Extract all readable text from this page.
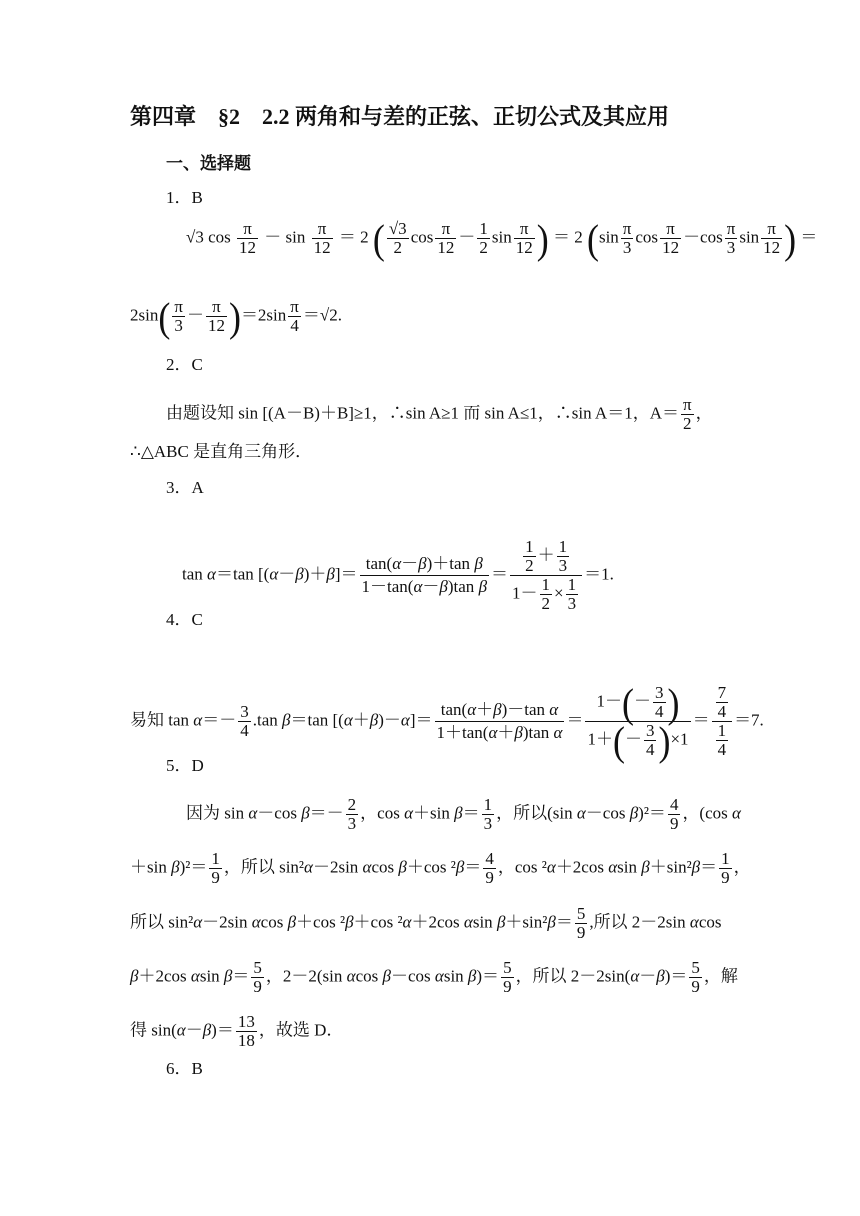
第四章　§2　2.2 两角和与差的正弦、正切公式及其应用
一、选择题
1．B
√3 $\cos \frac{\pi}{12} - \sin \frac{\pi}{12} = 2$ ( $\frac{√3}{2}$ $\cos \frac{\pi}{12} - \frac{1}{2}$ $\sin \frac{\pi}{12}$ ) ＝ 2 ($\sin \frac{\pi}{3}$ $\cos \frac{\pi}{12} -\cos \frac{\pi}{3}$ $\sin \frac{\pi}{12}$ ) ＝
$2\sin( \frac{\pi}{3} - \frac{\pi}{12} )=2\sin \frac{\pi}{4} =√2$.
2．C
由题设知 sin [(A－B)＋B]≥1，∴sin A≥1 而 sin A≤1，∴sin A＝1，$A= \frac{\pi}{2}$ ，
∴△ABC 是直角三角形．
3．A
tan α＝tan $[(\alpha-\beta)+\beta]= \frac{\text{tan(α－β)＋tan β}}{\text{1－tan(α－β)tan β}} = \frac{\frac{1}{2} + \frac{1}{3}}{1- \frac{1}{2} \times \frac{1}{3}} =1$.
4．C
易知 $\tan \alpha=- \frac{3}{4} .\tan$ β＝tan $[(\alpha+\beta)-\alpha]= \frac{\text{tan(α＋β)－tan α}}{\text{1＋tan(α＋β)tan α}} = \frac{1-(- \frac{3}{4} )}{1+(- \frac{3}{4} )\times 1} = \frac{\frac{7}{4}}{\frac{1}{4}} =7$.
5．D
因为 sin α－cos $\beta=- \frac{2}{3}$ ，cos α＋sin $\beta= \frac{1}{3}$ ，所以(sin α－cos $\beta)^2= \frac{4}{9}$ ，(cos α
＋sin $\beta)^2= \frac{1}{9}$ ，所以 sin²α－2sin αcos β＋cos $^2\beta= \frac{4}{9}$ ，cos ²α＋2cos αsin $\beta+\sin^2\beta= \frac{1}{9}$ ，
所以 sin²α－2sin αcos β＋cos ²β＋cos ²α＋2cos αsin $\beta+\sin^2\beta= \frac{5}{9}$ ,所以 2－2sin αcos
β＋2cos αsin $\beta= \frac{5}{9}$ ，2－2(sin αcos β－cos αsin $\beta)= \frac{5}{9}$ ，所以 $2-2\sin(\alpha-\beta)= \frac{5}{9}$ ，解
得 $\sin(\alpha-\beta)= \frac{13}{18}$ ，故选 D．
6．B
